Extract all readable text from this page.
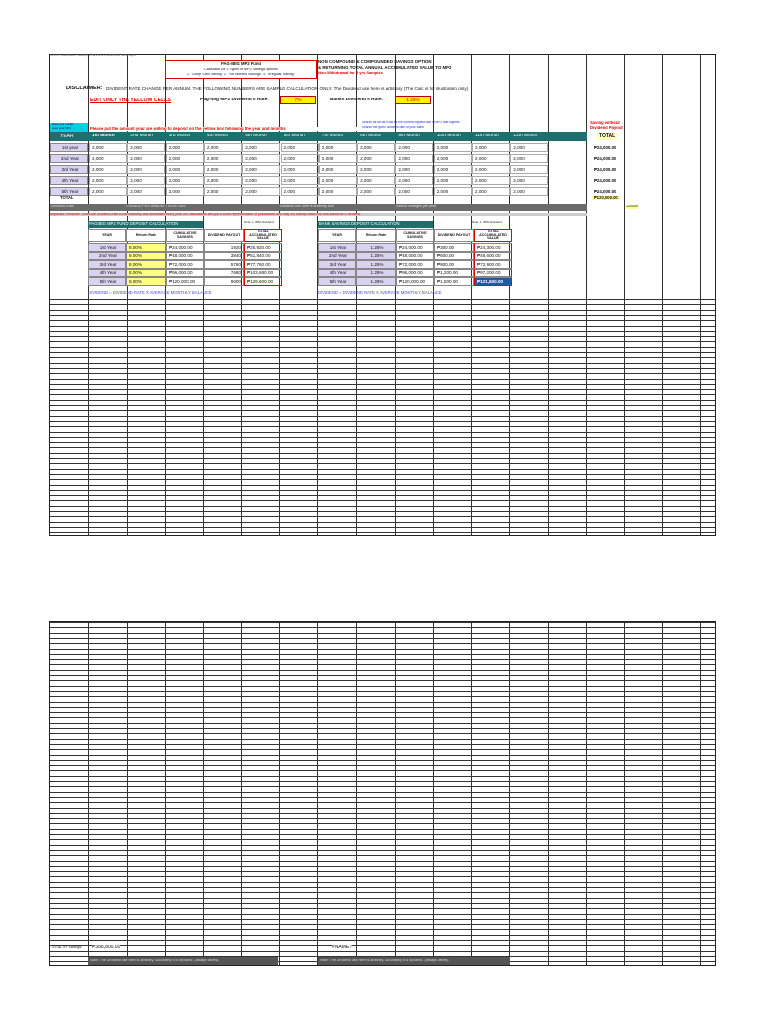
Sheet Calculator Values, Entries & Dividends Mark-Ups
PAG-IBIG MP2 Fund
Calculator for 3 Types of MP2 Savings options
1. "Lump Sum Saving" 2. "Six Months Savings" 3. "Irregular Saving"
NON COMPOUND & COMPOUNDED SAVINGS OPTION
& RETURNING TOTAL ANNUAL ACCUMULATED VALUE TO MP2
Non-Withdrawal for 5 yrs Samples
DISCLAIMER: DIVIDENT RATE CHANGE PER ANNUM. THE FOLLOWING NUMBERS ARE SAMPLE CALCULATION ONLY. The Dividend use here is arbitrary (The Calc is for illustration only)
EDIT ONLY THE YELLOW CELLS	Pag-ibig MP2 Dividend's Rate:	7%	Banks Dividend's Rate:	1.25%
Search as far as it will be the current highest rate of MP2 and highest
Search the given dividend rate of your Bank
Saving without
Dividend Payout
Mark your results
open your MP2	Please put the amount your are willing to deposit on the yellow box following the year and months
YEAR	1st Month	2nd Month	3rd Month	4th Month	5th Month	6th Month	7th Month	8th Month	9th Month	10th Month	11th Month	12th Month	TOTAL
1st year	2,000	2,000	2,000	2,000	2,000	2,000	2,000	2,000	2,000	2,000	2,000	2,000	₱24,000.00
2nd Year	2,000	2,000	2,000	2,000	2,000	2,000	2,000	2,000	2,000	2,000	2,000	2,000	₱24,000.00
3rd Year	2,000	2,000	2,000	2,000	2,000	2,000	2,000	2,000	2,000	2,000	2,000	2,000	₱24,000.00
4th Year	2,000	2,000	2,000	2,000	2,000	2,000	2,000	2,000	2,000	2,000	2,000	2,000	₱24,000.00
5th Year	2,000	2,000	2,000	2,000	2,000	2,000	2,000	2,000	2,000	2,000	2,000	2,000	₱24,000.00
TOTAL	₱120,000.00
120000
Dividend Rate	CHANGE PER ANNUM. THESE ARE	Dividend use here is arbitrary and	Search changes per year
Important Reminder: Since the Dividend Rate boost relatively and decreases every year, the calculations are just a close representation of possibilities and may not exactly match the real actual MP2 dividend.
PAGIBIG MP2 FUND DEPOSIT CALCULATION	Note: 1. 80% Dividend
YEAR	Return Rate	CUMULATIVE SAVINGS	DIVIDEND PAYOUT
TOTAL ACCUMULATED VALUE
1st Year	8.00%	₱24,000.00	1920	₱25,920.00
2nd Year	8.00%	₱48,000.00	3840	₱51,840.00
3rd Year	8.00%	₱72,000.00	5760	₱77,760.00
4th Year	8.00%	₱96,000.00	7680	₱103,680.00
5th Year	8.00%	₱120,000.00	9600	₱129,600.00
DIVIDEND = DIVIDEND RATE X AVERAGE MONTHLY BALANCE
BANK SAVINGS DEPOSIT CALCULATION	Note: 1. 80% Dividend
YEAR	Return Rate	CUMULATIVE SAVINGS	DIVIDEND PAYOUT
TOTAL ACCUMULATED VALUE
1st Year	1.25%	₱24,000.00	₱300.00	₱24,300.00
2nd Year	1.25%	₱48,000.00	₱600.00	₱48,600.00
3rd Year	1.25%	₱72,000.00	₱900.00	₱72,900.00
4th Year	1.25%	₱96,000.00	₱1,200.00	₱97,200.00
5th Year	1.25%	₱120,000.00	₱1,500.00	₱121,500.00
DIVIDEND = DIVIDEND RATE X AVERAGE MONTHLY BALANCE
TOTAL 5Y Savings: ₱388,800.00	#NAME?
Note: The Dividend use here is arbitrary. Accurately it is dynamic. (always varies)	Note: The Dividend use here is arbitrary. Accurately it is dynamic. (always varies)
